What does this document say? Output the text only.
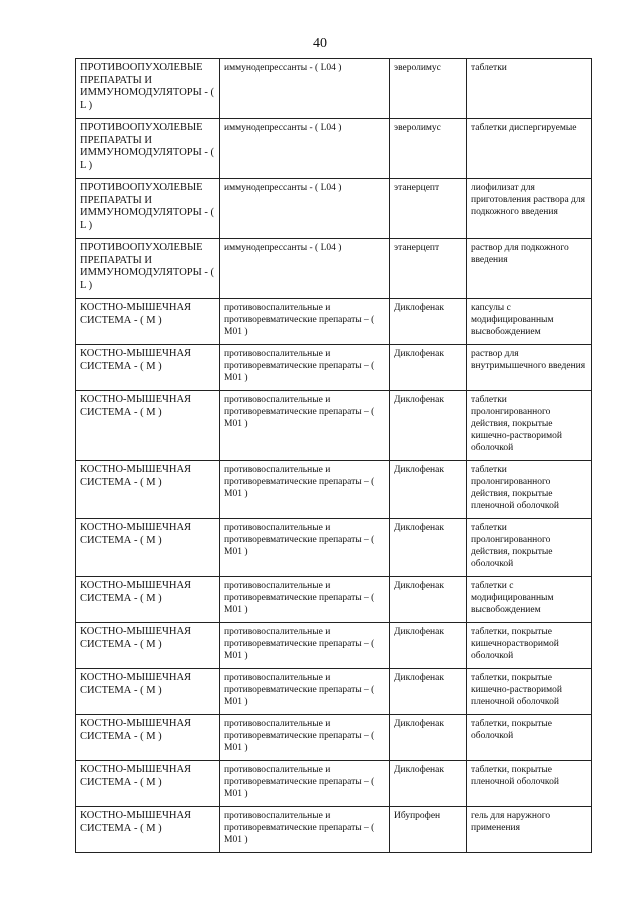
40
ПРОТИВООПУХОЛЕВЫЕ ПРЕПАРАТЫ И ИММУНОМОДУЛЯТОРЫ - ( L )	иммунодепрессанты - ( L04 )	эверолимус	таблетки
ПРОТИВООПУХОЛЕВЫЕ ПРЕПАРАТЫ И ИММУНОМОДУЛЯТОРЫ - ( L )	иммунодепрессанты - ( L04 )	эверолимус	таблетки диспергируемые
ПРОТИВООПУХОЛЕВЫЕ ПРЕПАРАТЫ И ИММУНОМОДУЛЯТОРЫ - ( L )	иммунодепрессанты - ( L04 )	этанерцепт	лиофилизат для приготовления раствора для подкожного введения
ПРОТИВООПУХОЛЕВЫЕ ПРЕПАРАТЫ И ИММУНОМОДУЛЯТОРЫ - ( L )	иммунодепрессанты - ( L04 )	этанерцепт	раствор для подкожного введения
КОСТНО-МЫШЕЧНАЯ СИСТЕМА - ( M )	противовоспалительные и противоревматические препараты – ( M01 )	Диклофенак	капсулы с модифицированным высвобождением
КОСТНО-МЫШЕЧНАЯ СИСТЕМА - ( M )	противовоспалительные и противоревматические препараты – ( M01 )	Диклофенак	раствор для внутримышечного введения
КОСТНО-МЫШЕЧНАЯ СИСТЕМА - ( M )	противовоспалительные и противоревматические препараты – ( M01 )	Диклофенак	таблетки пролонгированного действия, покрытые кишечно-растворимой оболочкой
КОСТНО-МЫШЕЧНАЯ СИСТЕМА - ( M )	противовоспалительные и противоревматические препараты – ( M01 )	Диклофенак	таблетки пролонгированного действия, покрытые пленочной оболочкой
КОСТНО-МЫШЕЧНАЯ СИСТЕМА - ( M )	противовоспалительные и противоревматические препараты – ( M01 )	Диклофенак	таблетки пролонгированного действия, покрытые оболочкой
КОСТНО-МЫШЕЧНАЯ СИСТЕМА - ( M )	противовоспалительные и противоревматические препараты – ( M01 )	Диклофенак	таблетки с модифицированным высвобождением
КОСТНО-МЫШЕЧНАЯ СИСТЕМА - ( M )	противовоспалительные и противоревматические препараты – ( M01 )	Диклофенак	таблетки, покрытые кишечнорастворимой оболочкой
КОСТНО-МЫШЕЧНАЯ СИСТЕМА - ( M )	противовоспалительные и противоревматические препараты – ( M01 )	Диклофенак	таблетки, покрытые кишечно-растворимой пленочной оболочкой
КОСТНО-МЫШЕЧНАЯ СИСТЕМА - ( M )	противовоспалительные и противоревматические препараты – ( M01 )	Диклофенак	таблетки, покрытые оболочкой
КОСТНО-МЫШЕЧНАЯ СИСТЕМА - ( M )	противовоспалительные и противоревматические препараты – ( M01 )	Диклофенак	таблетки, покрытые пленочной оболочкой
КОСТНО-МЫШЕЧНАЯ СИСТЕМА - ( M )	противовоспалительные и противоревматические препараты – ( M01 )	Ибупрофен	гель для наружного применения
